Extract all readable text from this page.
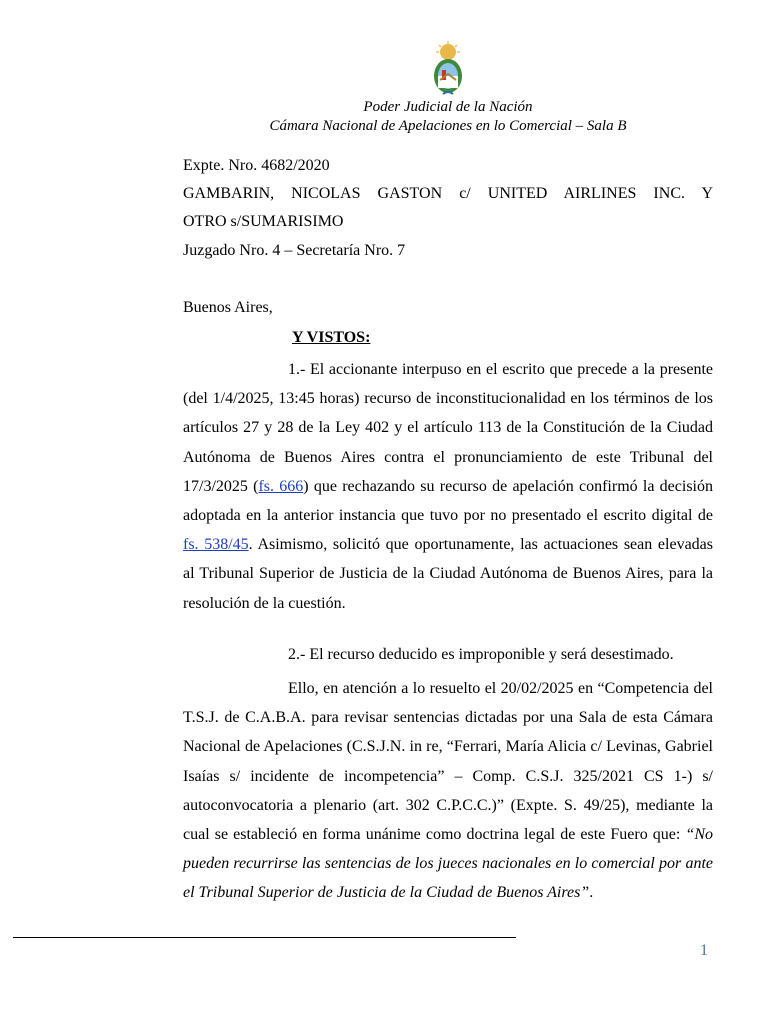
Poder Judicial de la Nación
Cámara Nacional de Apelaciones en lo Comercial – Sala B
Expte. Nro. 4682/2020
GAMBARIN, NICOLAS GASTON c/ UNITED AIRLINES INC. Y
OTRO s/SUMARISIMO
Juzgado Nro. 4 – Secretaría Nro. 7
Buenos Aires,
Y VISTOS:

1.- El accionante interpuso en el escrito que precede a la presente (del 1/4/2025, 13:45 horas) recurso de inconstitucionalidad en los términos de los artículos 27 y 28 de la Ley 402 y el artículo 113 de la Constitución de la Ciudad Autónoma de Buenos Aires contra el pronunciamiento de este Tribunal del 17/3/2025 (fs. 666) que rechazando su recurso de apelación confirmó la decisión adoptada en la anterior instancia que tuvo por no presentado el escrito digital de fs. 538/45. Asimismo, solicitó que oportunamente, las actuaciones sean elevadas al Tribunal Superior de Justicia de la Ciudad Autónoma de Buenos Aires, para la resolución de la cuestión.

2.- El recurso deducido es improponible y será desestimado.

Ello, en atención a lo resuelto el 20/02/2025 en “Competencia del T.S.J. de C.A.B.A. para revisar sentencias dictadas por una Sala de esta Cámara Nacional de Apelaciones (C.S.J.N. in re, “Ferrari, María Alicia c/ Levinas, Gabriel Isaías s/ incidente de incompetencia” – Comp. C.S.J. 325/2021 CS 1-) s/ autoconvocatoria a plenario (art. 302 C.P.C.C.)” (Expte. S. 49/25), mediante la cual se estableció en forma unánime como doctrina legal de este Fuero que: “No pueden recurrirse las sentencias de los jueces nacionales en lo comercial por ante el Tribunal Superior de Justicia de la Ciudad de Buenos Aires”.

1
